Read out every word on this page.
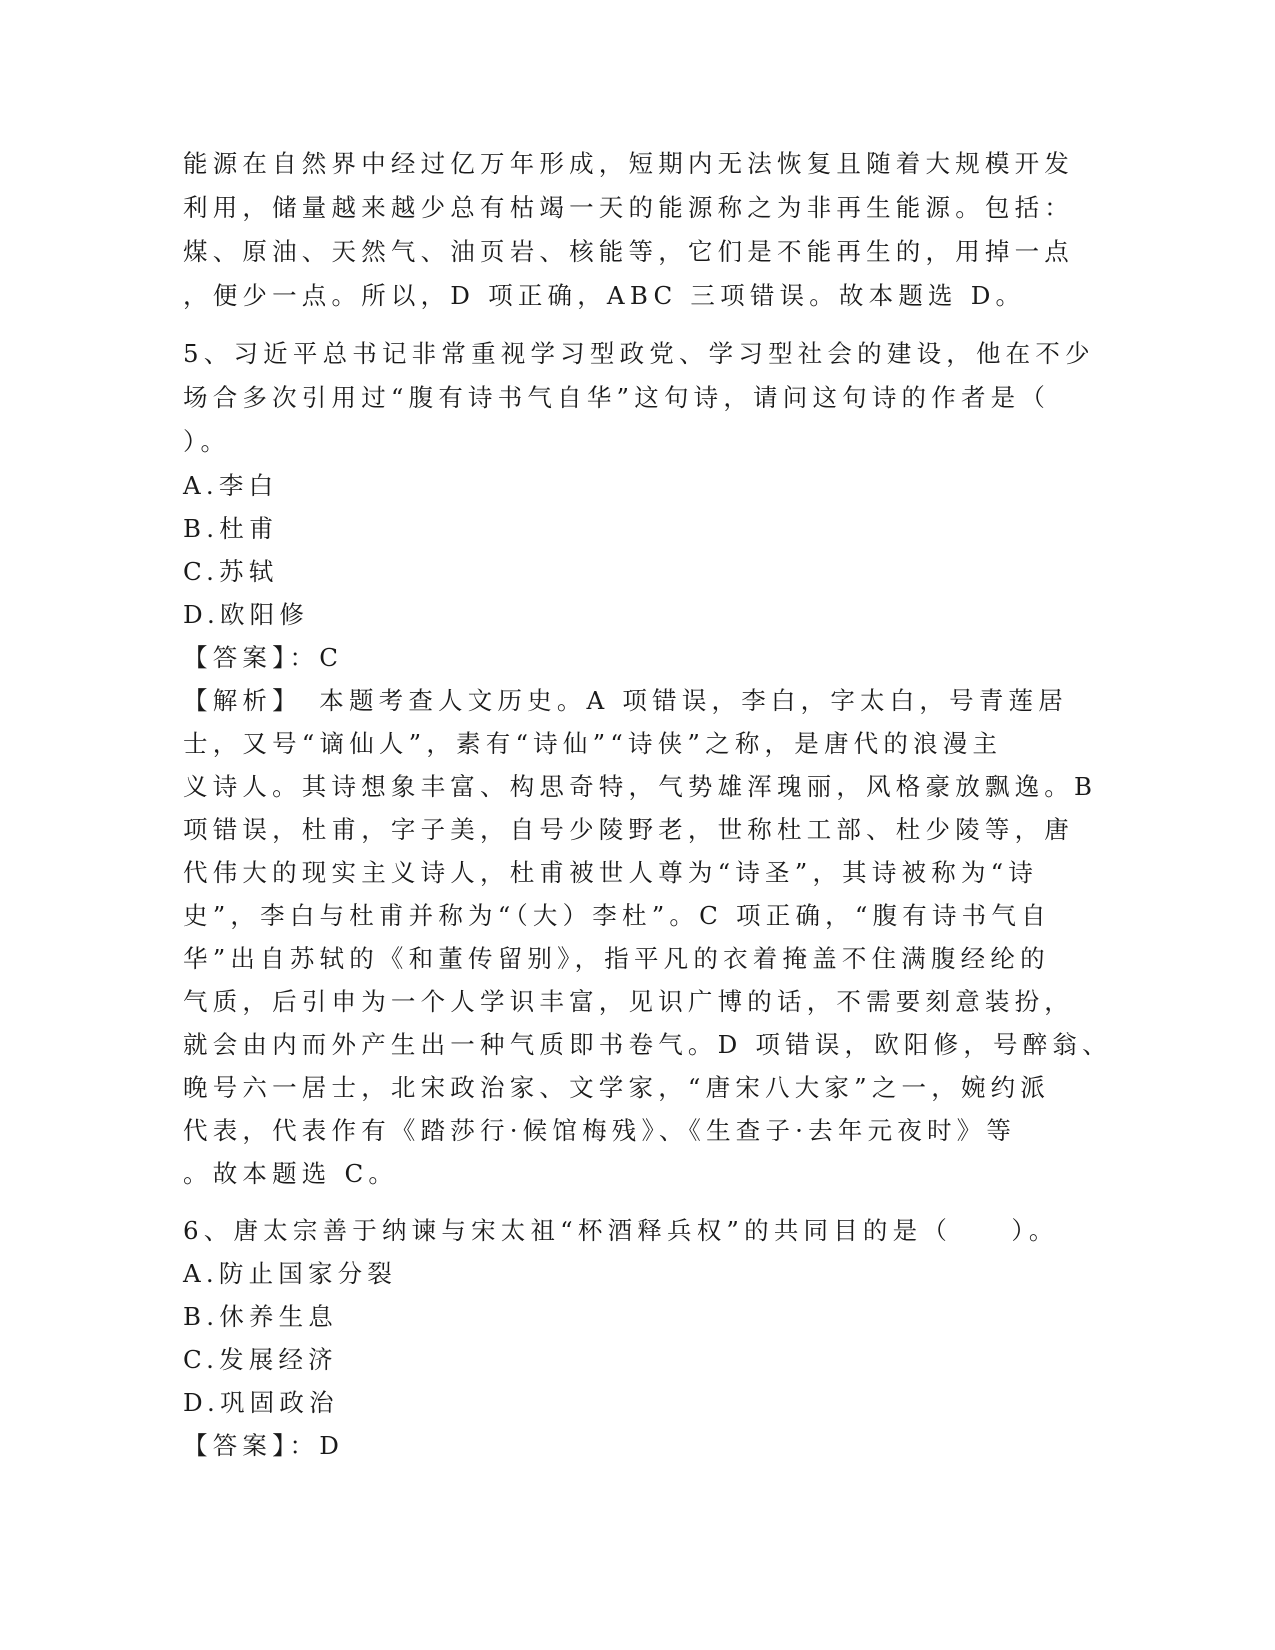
能源在自然界中经过亿万年形成，短期内无法恢复且随着大规模开发

利用，储量越来越少总有枯竭一天的能源称之为非再生能源。包括：

煤、原油、天然气、油页岩、核能等，它们是不能再生的，用掉一点

，便少一点。所以，D 项正确，ABC 三项错误。故本题选 D。

5、习近平总书记非常重视学习型政党、学习型社会的建设，他在不少

场合多次引用过“腹有诗书气自华”这句诗，请问这句诗的作者是（

）。

A.李白

B.杜甫

C.苏轼

D.欧阳修

【答案】：C

【解析】　本题考查人文历史。A 项错误，李白，字太白，号青莲居

士，又号“谪仙人”，素有“诗仙”“诗侠”之称，是唐代的浪漫主

义诗人。其诗想象丰富、构思奇特，气势雄浑瑰丽，风格豪放飘逸。B

项错误，杜甫，字子美，自号少陵野老，世称杜工部、杜少陵等，唐

代伟大的现实主义诗人，杜甫被世人尊为“诗圣”，其诗被称为“诗

史”，李白与杜甫并称为“（大）李杜”。C 项正确，“腹有诗书气自

华”出自苏轼的《和董传留别》，指平凡的衣着掩盖不住满腹经纶的

气质，后引申为一个人学识丰富，见识广博的话，不需要刻意装扮，

就会由内而外产生出一种气质即书卷气。D 项错误，欧阳修，号醉翁、

晚号六一居士，北宋政治家、文学家，“唐宋八大家”之一，婉约派

代表，代表作有《踏莎行·候馆梅残》、《生查子·去年元夜时》等

。故本题选 C。

6、唐太宗善于纳谏与宋太祖“杯酒释兵权”的共同目的是（　　）。

A.防止国家分裂

B.休养生息

C.发展经济

D.巩固政治

【答案】：D
